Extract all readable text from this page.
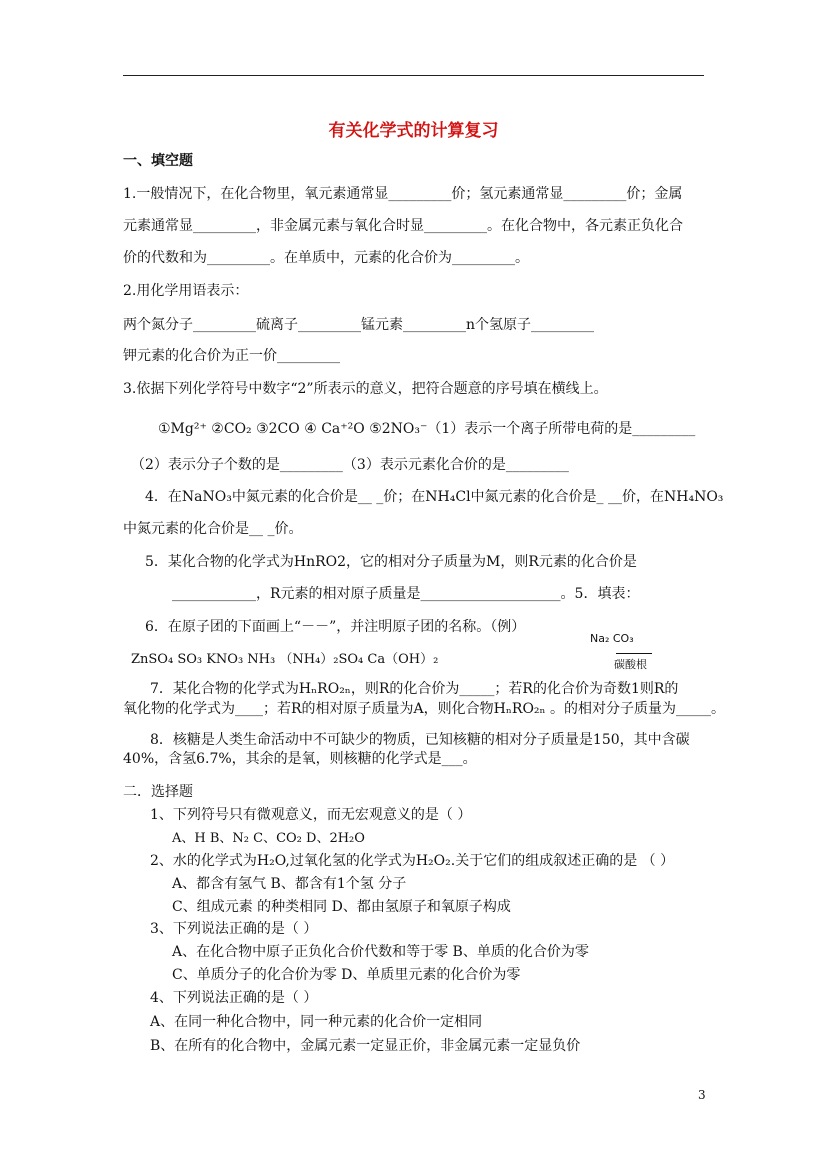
有关化学式的计算复习
一、填空题
1.一般情况下，在化合物里，氧元素通常显_________价；氢元素通常显_________价；金属
元素通常显_________，非金属元素与氧化合时显_________。在化合物中，各元素正负化合
价的代数和为_________。在单质中，元素的化合价为_________。
2.用化学用语表示：
两个氮分子_________硫离子_________锰元素_________n个氢原子_________
钾元素的化合价为正一价_________
3.依据下列化学符号中数字“2”所表示的意义，把符合题意的序号填在横线上。
①Mg²⁺ ②CO₂ ③2CO ④ Ca⁺²O ⑤2NO₃⁻（1）表示一个离子所带电荷的是_________
（2）表示分子个数的是_________（3）表示元素化合价的是_________
4．在NaNO₃中氮元素的化合价是__ _价；在NH₄Cl中氮元素的化合价是_ __价，在NH₄NO₃
中氮元素的化合价是__ _价。
5．某化合物的化学式为HnRO2，它的相对分子质量为M，则R元素的化合价是
____________，R元素的相对原子质量是____________________。5．填表：
6．在原子团的下面画上“－－”，并注明原子团的名称。（例）
ZnSO₄ SO₃ KNO₃ NH₃ （NH₄）₂SO₄ Ca（OH）₂
Na₂ CO₃
碳酸根
7．某化合物的化学式为HₙRO₂ₙ，则R的化合价为_____；若R的化合价为奇数1则R的
氧化物的化学式为____；若R的相对原子质量为A，则化合物HₙRO₂ₙ 。的相对分子质量为_____。
8．核糖是人类生命活动中不可缺少的物质，已知核糖的相对分子质量是150，其中含碳
40%，含氢6.7%，其余的是氧，则核糖的化学式是___。
二．选择题
1、下列符号只有微观意义，而无宏观意义的是（ ）
A、H B、N₂ C、CO₂ D、2H₂O
2、水的化学式为H₂O,过氧化氢的化学式为H₂O₂.关于它们的组成叙述正确的是 （ ）
A、都含有氢气 B、都含有1个氢 分子
C、组成元素 的种类相同 D、都由氢原子和氧原子构成
3、下列说法正确的是（ ）
A、在化合物中原子正负化合价代数和等于零 B、单质的化合价为零
C、单质分子的化合价为零 D、单质里元素的化合价为零
4、下列说法正确的是（ ）
A、在同一种化合物中，同一种元素的化合价一定相同
B、在所有的化合物中，金属元素一定显正价，非金属元素一定显负价
3
